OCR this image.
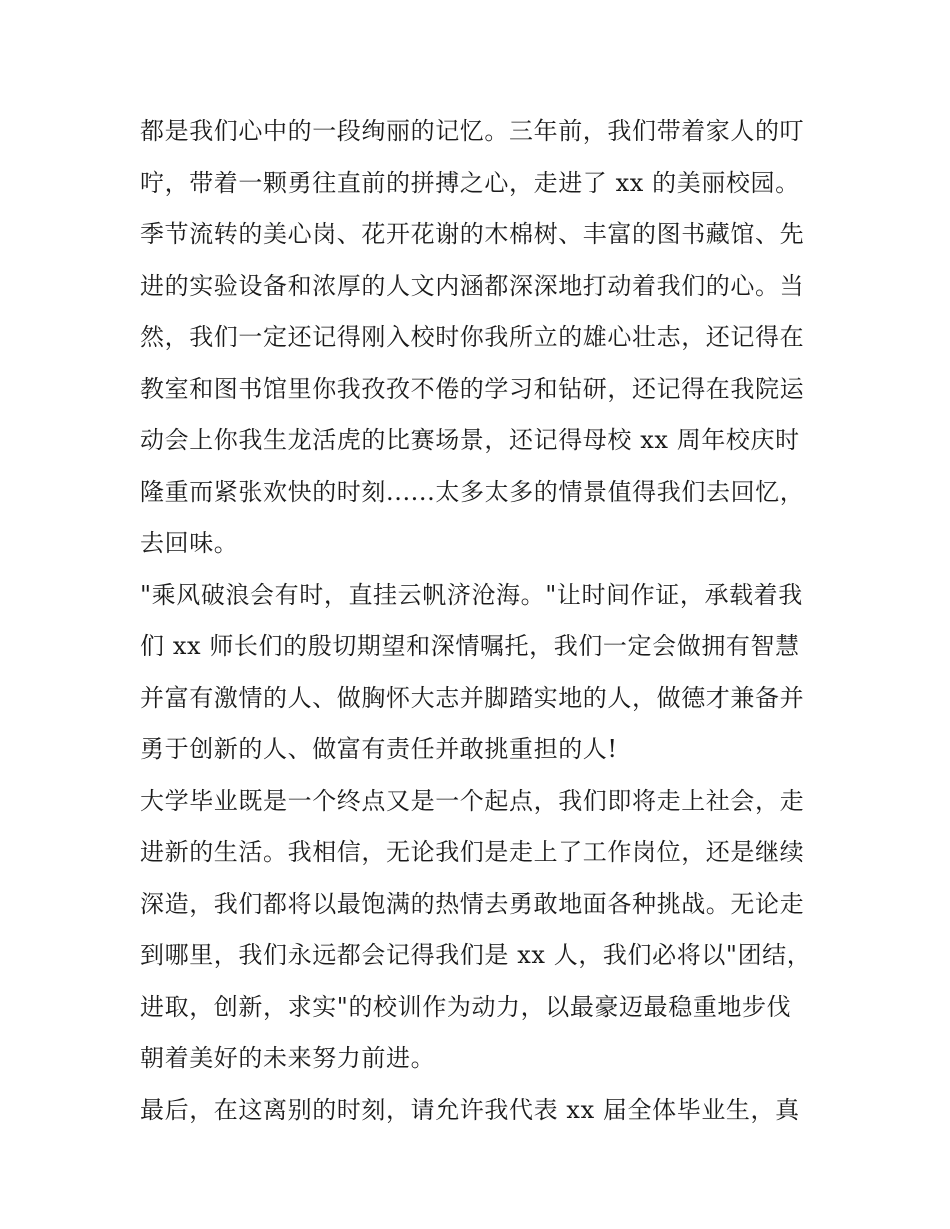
都是我们心中的一段绚丽的记忆。三年前，我们带着家人的叮
咛，带着一颗勇往直前的拼搏之心，走进了 xx 的美丽校园。
季节流转的美心岗、花开花谢的木棉树、丰富的图书藏馆、先
进的实验设备和浓厚的人文内涵都深深地打动着我们的心。当
然，我们一定还记得刚入校时你我所立的雄心壮志，还记得在
教室和图书馆里你我孜孜不倦的学习和钻研，还记得在我院运
动会上你我生龙活虎的比赛场景，还记得母校 xx 周年校庆时
隆重而紧张欢快的时刻......太多太多的情景值得我们去回忆，
去回味。
"乘风破浪会有时，直挂云帆济沧海。"让时间作证，承载着我
们 xx 师长们的殷切期望和深情嘱托，我们一定会做拥有智慧
并富有激情的人、做胸怀大志并脚踏实地的人，做德才兼备并
勇于创新的人、做富有责任并敢挑重担的人!
大学毕业既是一个终点又是一个起点，我们即将走上社会，走
进新的生活。我相信，无论我们是走上了工作岗位，还是继续
深造，我们都将以最饱满的热情去勇敢地面各种挑战。无论走
到哪里，我们永远都会记得我们是 xx 人，我们必将以"团结，
进取，创新，求实"的校训作为动力，以最豪迈最稳重地步伐
朝着美好的未来努力前进。
最后，在这离别的时刻，请允许我代表 xx 届全体毕业生，真
